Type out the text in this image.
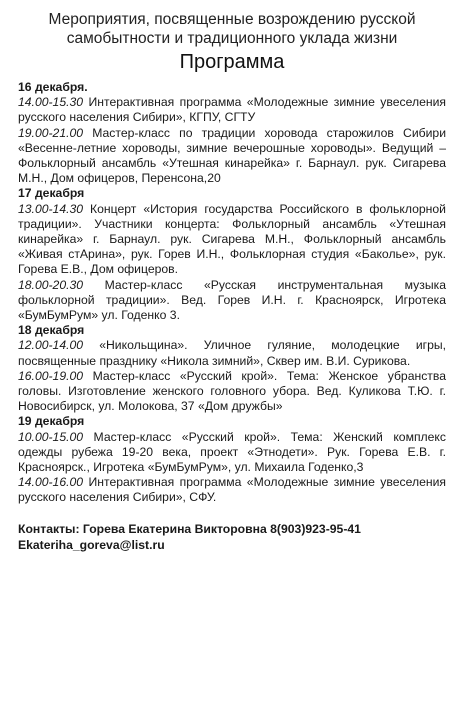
Мероприятия, посвященные возрождению русской

самобытности и традиционного уклада жизни

Программа

16 декабря.

14.00-15.30 Интерактивная программа «Молодежные зимние увеселения русского населения Сибири», КГПУ, СГТУ

19.00-21.00 Мастер-класс по традиции хоровода старожилов Сибири «Весенне-летние хороводы, зимние вечерошные хороводы». Ведущий – Фольклорный ансамбль «Утешная кинарейка» г. Барнаул. рук. Сигарева М.Н., Дом офицеров, Перенсона,20

17 декабря

13.00-14.30 Концерт «История государства Российского в фольклорной традиции». Участники концерта: Фольклорный ансамбль «Утешная кинарейка» г. Барнаул. рук. Сигарева М.Н., Фольклорный ансамбль «Живая стАрина», рук. Горев И.Н., Фольклорная студия «Баколье», рук. Горева Е.В., Дом офицеров.

18.00-20.30 Мастер-класс «Русская инструментальная музыка фольклорной традиции». Вед. Горев И.Н. г. Красноярск, Игротека «БумБумРум» ул. Годенко 3.

18 декабря

12.00-14.00 «Никольщина». Уличное гуляние, молодецкие игры, посвященные празднику «Никола зимний», Сквер им. В.И. Сурикова.

16.00-19.00 Мастер-класс «Русский крой». Тема: Женское убранства головы. Изготовление женского головного убора. Вед. Куликова Т.Ю. г. Новосибирск, ул. Молокова, 37 «Дом дружбы»

19 декабря

10.00-15.00 Мастер-класс «Русский крой». Тема: Женский комплекс одежды рубежа 19-20 века, проект «Этнодети». Рук. Горева Е.В. г. Красноярск., Игротека «БумБумРум», ул. Михаила Годенко,3

14.00-16.00 Интерактивная программа «Молодежные зимние увеселения русского населения Сибири», СФУ.

Контакты: Горева Екатерина Викторовна 8(903)923-95-41
Ekateriha_goreva@list.ru
